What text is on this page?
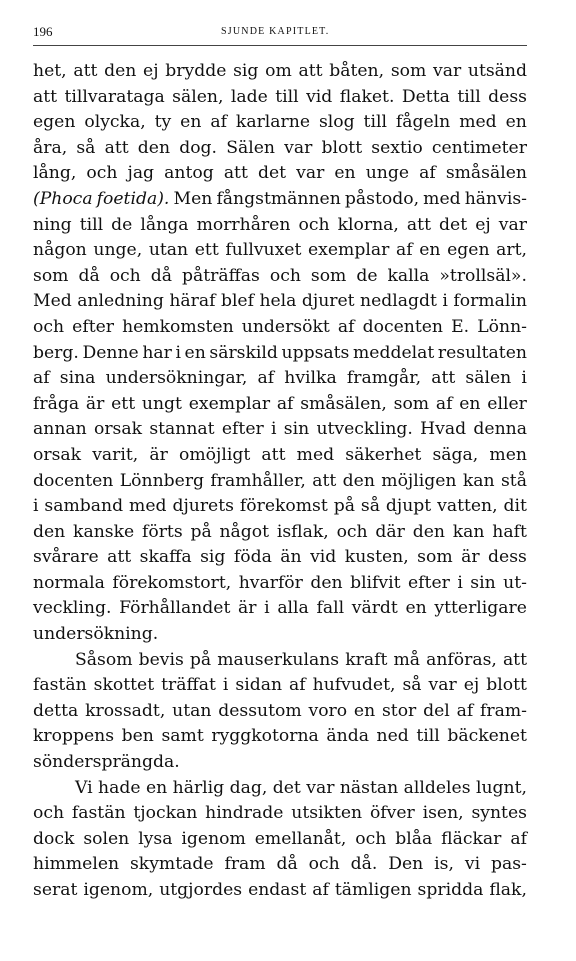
196	SJUNDE KAPITLET.
het, att den ej brydde sig om att båten, som var utsänd
att tillvarataga sälen, lade till vid flaket. Detta till dess
egen olycka, ty en af karlarne slog till fågeln med en
åra, så att den dog. Sälen var blott sextio centimeter
lång, och jag antog att det var en unge af småsälen
(Phoca foetida). Men fångstmännen påstodo, med hänvis-
ning till de långa morrhåren och klorna, att det ej var
någon unge, utan ett fullvuxet exemplar af en egen art,
som då och då påträffas och som de kalla »trollsäl».
Med anledning häraf blef hela djuret nedlagdt i formalin
och efter hemkomsten undersökt af docenten E. Lönn-
berg. Denne har i en särskild uppsats meddelat resultaten
af sina undersökningar, af hvilka framgår, att sälen i
fråga är ett ungt exemplar af småsälen, som af en eller
annan orsak stannat efter i sin utveckling. Hvad denna
orsak varit, är omöjligt att med säkerhet säga, men
docenten Lönnberg framhåller, att den möjligen kan stå
i samband med djurets förekomst på så djupt vatten, dit
den kanske förts på något isflak, och där den kan haft
svårare att skaffa sig föda än vid kusten, som är dess
normala förekomstort, hvarför den blifvit efter i sin ut-
veckling. Förhållandet är i alla fall värdt en ytterligare
undersökning.
Såsom bevis på mauserkulans kraft må anföras, att
fastän skottet träffat i sidan af hufvudet, så var ej blott
detta krossadt, utan dessutom voro en stor del af fram-
kroppens ben samt ryggkotorna ända ned till bäckenet
söndersprängda.
Vi hade en härlig dag, det var nästan alldeles lugnt,
och fastän tjockan hindrade utsikten öfver isen, syntes
dock solen lysa igenom emellanåt, och blåa fläckar af
himmelen skymtade fram då och då. Den is, vi pas-
serat igenom, utgjordes endast af tämligen spridda flak,
